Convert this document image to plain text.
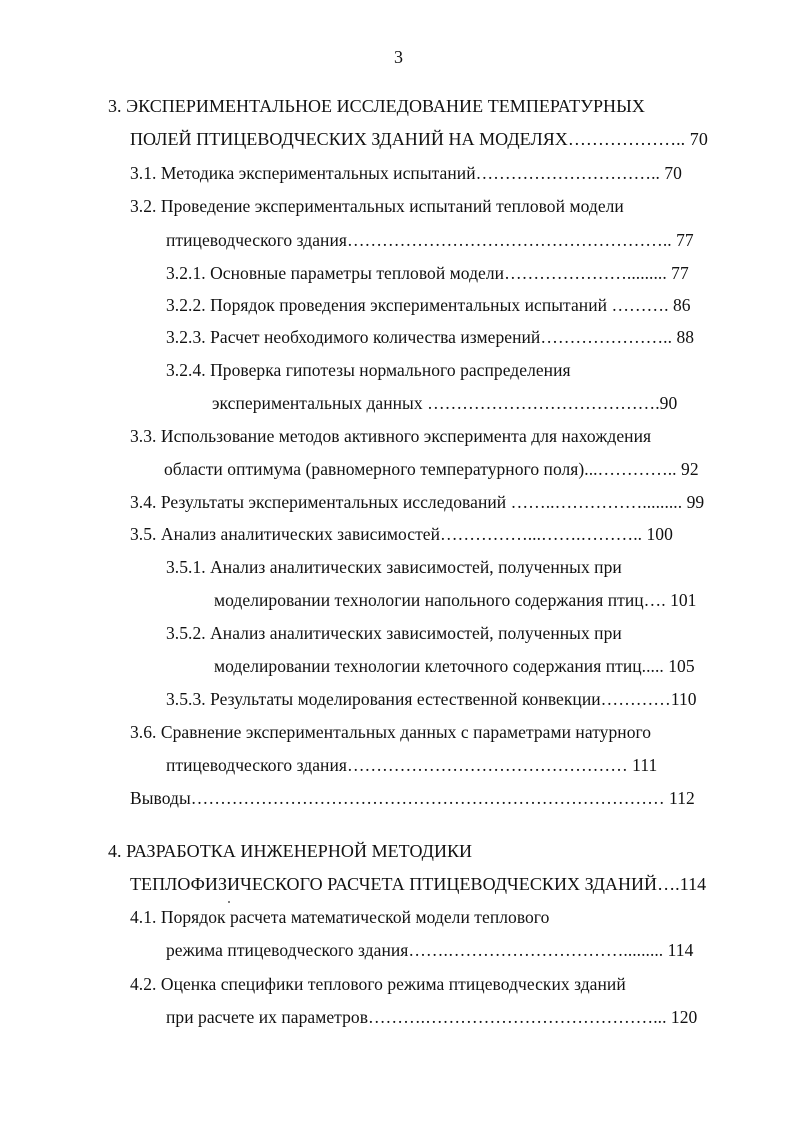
3
3. ЭКСПЕРИМЕНТАЛЬНОЕ ИССЛЕДОВАНИЕ ТЕМПЕРАТУРНЫХ
ПОЛЕЙ ПТИЦЕВОДЧЕСКИХ ЗДАНИЙ НА МОДЕЛЯХ……………….. 70
3.1. Методика экспериментальных испытаний………………………….. 70
3.2. Проведение экспериментальных испытаний тепловой модели
птицеводческого здания……………………………………………….. 77
3.2.1. Основные параметры тепловой модели…………………......... 77
3.2.2. Порядок проведения экспериментальных испытаний ………. 86
3.2.3. Расчет необходимого количества измерений………………….. 88
3.2.4. Проверка гипотезы нормального распределения
экспериментальных данных ………………………………….90
3.3. Использование методов активного эксперимента для нахождения
области оптимума (равномерного температурного поля)...………….. 92
3.4. Результаты экспериментальных исследований ……..……………......... 99
3.5. Анализ аналитических зависимостей……………...…….……….. 100
3.5.1. Анализ аналитических зависимостей, полученных при
моделировании технологии напольного содержания птиц…. 101
3.5.2. Анализ аналитических зависимостей, полученных при
моделировании технологии клеточного содержания птиц..... 105
3.5.3. Результаты моделирования естественной конвекции…………110
3.6. Сравнение экспериментальных данных с параметрами натурного
птицеводческого здания………………………………………… 111
Выводы……………………………………………………………………… 112
4. РАЗРАБОТКА ИНЖЕНЕРНОЙ МЕТОДИКИ
ТЕПЛОФИЗИЧЕСКОГО РАСЧЕТА ПТИЦЕВОДЧЕСКИХ ЗДАНИЙ….114
4.1. Порядок расчета математической модели теплового
режима птицеводческого здания…….…………………………......... 114
4.2. Оценка специфики теплового режима птицеводческих зданий
при расчете их параметров……….…………………………………... 120
